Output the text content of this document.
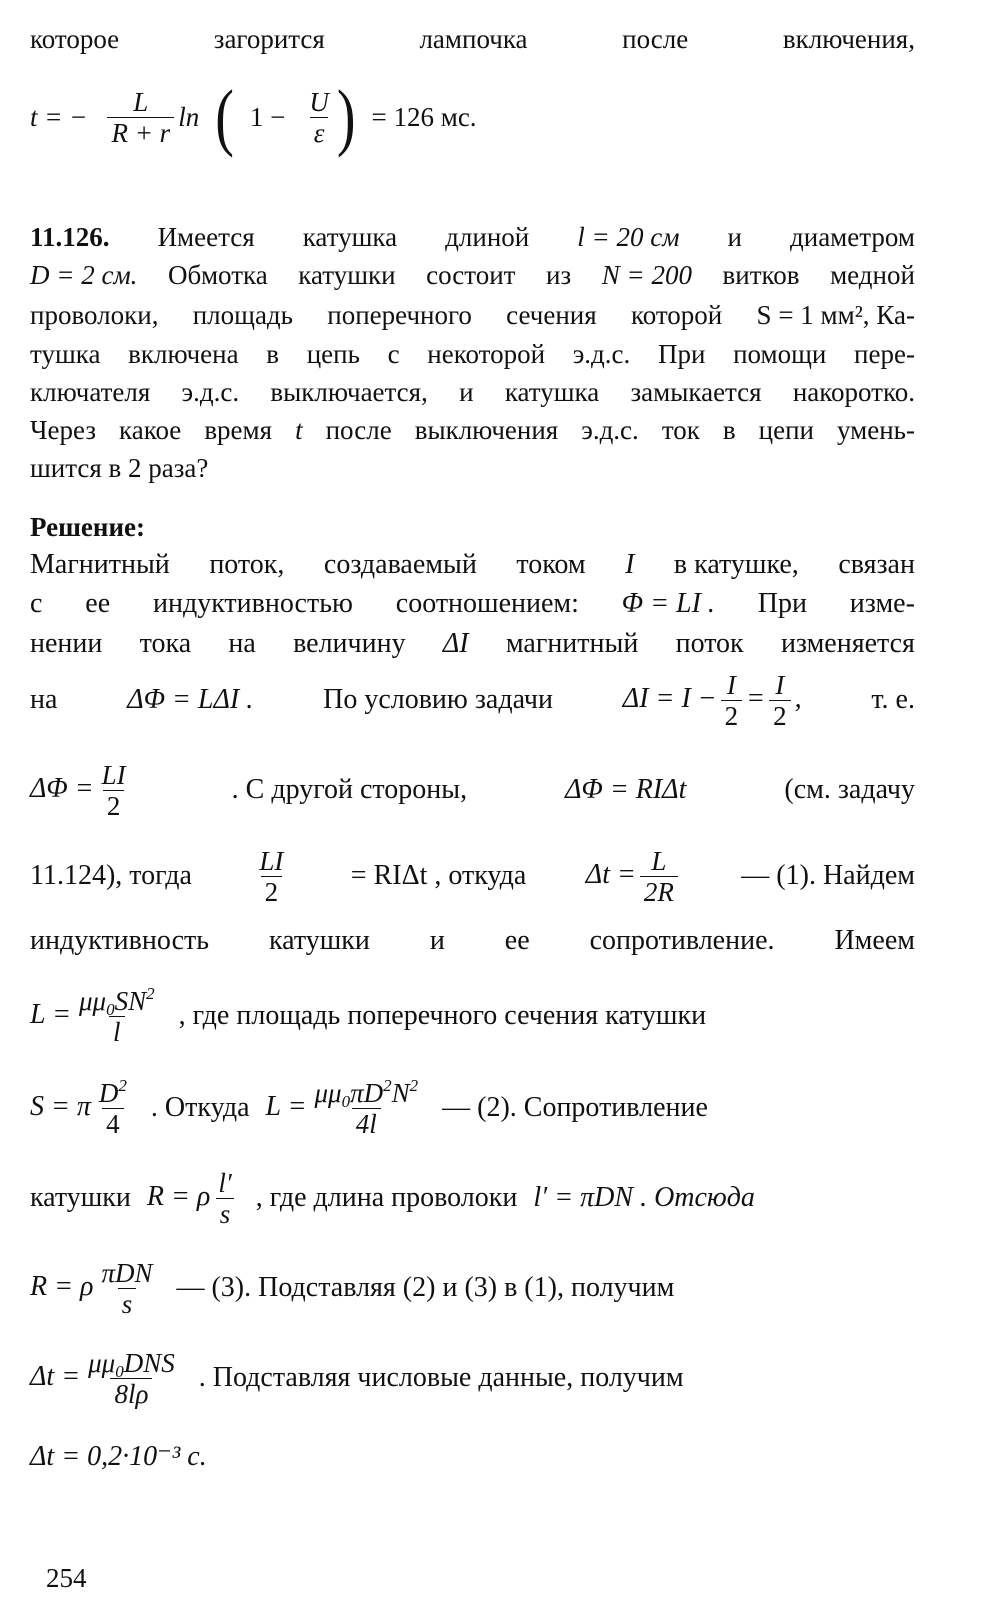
которое	загорится	лампочка	после	включения,
t = − $\frac{L}{R + r}$ ln ( $1 - \frac{U}{\varepsilon}$ ) = 126 мс.
11.126. Имеется катушка длиной l = 20 см и диаметром
D = 2 см. Обмотка катушки состоит из N = 200 витков медной
проволоки, площадь поперечного сечения которой S = 1 мм², Ка-
тушка включена в цепь с некоторой э.д.с. При помощи пере-
ключателя э.д.с. выключается, и катушка замыкается накоротко.
Через какое время t после выключения э.д.с. ток в цепи умень-
шится в 2 раза?
Решение:
Магнитный поток, создаваемый током I в катушке, связан
с ее индуктивностью соотношением: Φ = LI . При изме-
нении тока на величину ΔI магнитный поток изменяется
на ΔΦ = LΔI . По условию задачи $\Delta I = I - \frac{I}{2} = \frac{I}{2}$ , т. е.
$\Delta\Phi = \frac{LI}{2}$	. С другой стороны,	ΔΦ = RIΔt	(см. задачу
11.124), тогда $\frac{LI}{2} = RI\Delta t$ , откуда $\Delta t = \frac{L}{2R}$ — (1). Найдем
индуктивность катушки и ее сопротивление. Имеем
$L = \frac{\mu\mu_0SN^2}{l}$ , где площадь поперечного сечения катушки
S = π $\frac{D^2}{4}$ . Откуда $L = \frac{\mu\mu_0\pi D^2N^2}{4l}$ — (2). Сопротивление
катушки R = ρ $\frac{l'}{s}$ , где длина проволоки l′ = πDN . Отсюда
R = ρ $\frac{\text{πDN}}{s}$ — (3). Подставляя (2) и (3) в (1), получим
$\Delta t = \frac{\mu\mu_0DNS}{8l\rho}$ . Подставляя числовые данные, получим
Δt = 0,2·10⁻³ с.
254
